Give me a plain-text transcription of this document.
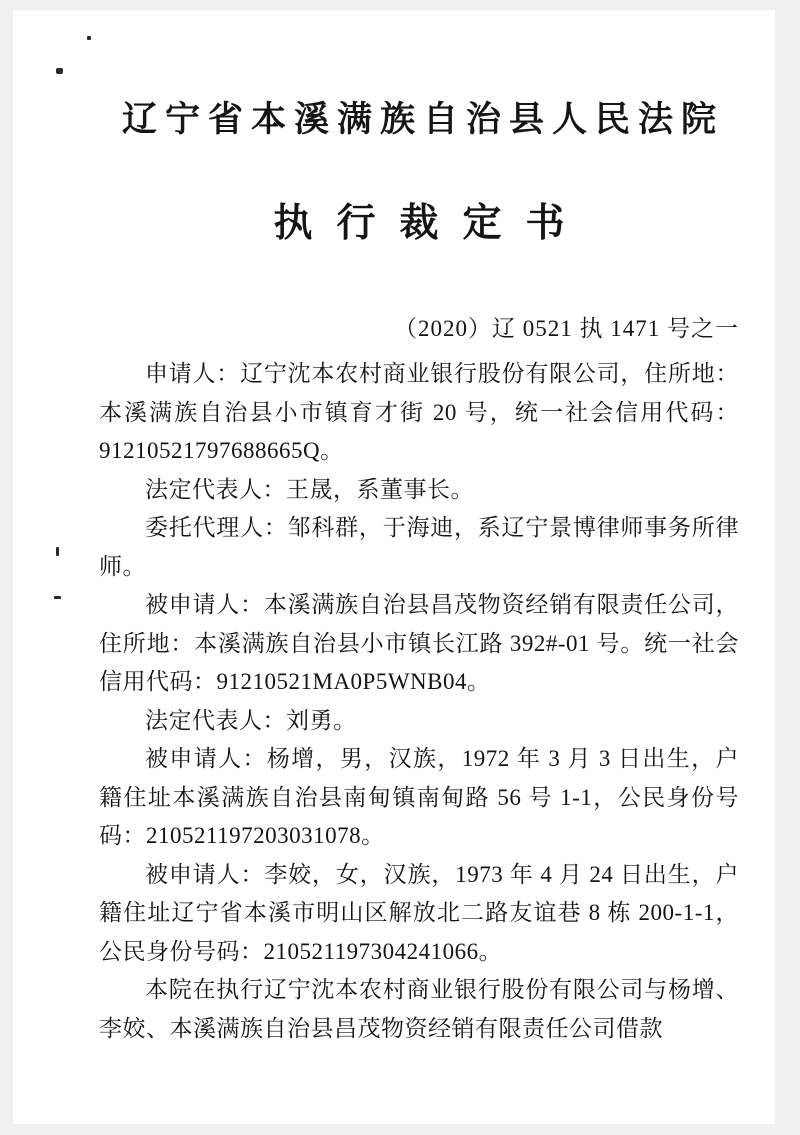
辽宁省本溪满族自治县人民法院
执行裁定书
（2020）辽 0521 执 1471 号之一

申请人：辽宁沈本农村商业银行股份有限公司，住所地：本溪满族自治县小市镇育才街 20 号，统一社会信用代码：91210521797688665Q。

法定代表人：王晟，系董事长。

委托代理人：邹科群，于海迪，系辽宁景博律师事务所律师。

被申请人：本溪满族自治县昌茂物资经销有限责任公司，住所地：本溪满族自治县小市镇长江路 392#-01 号。统一社会信用代码：91210521MA0P5WNB04。

法定代表人：刘勇。

被申请人：杨增，男，汉族，1972 年 3 月 3 日出生，户籍住址本溪满族自治县南甸镇南甸路 56 号 1-1，公民身份号码：210521197203031078。

被申请人：李姣，女，汉族，1973 年 4 月 24 日出生，户籍住址辽宁省本溪市明山区解放北二路友谊巷 8 栋 200-1-1，公民身份号码：210521197304241066。

本院在执行辽宁沈本农村商业银行股份有限公司与杨增、李姣、本溪满族自治县昌茂物资经销有限责任公司借款
